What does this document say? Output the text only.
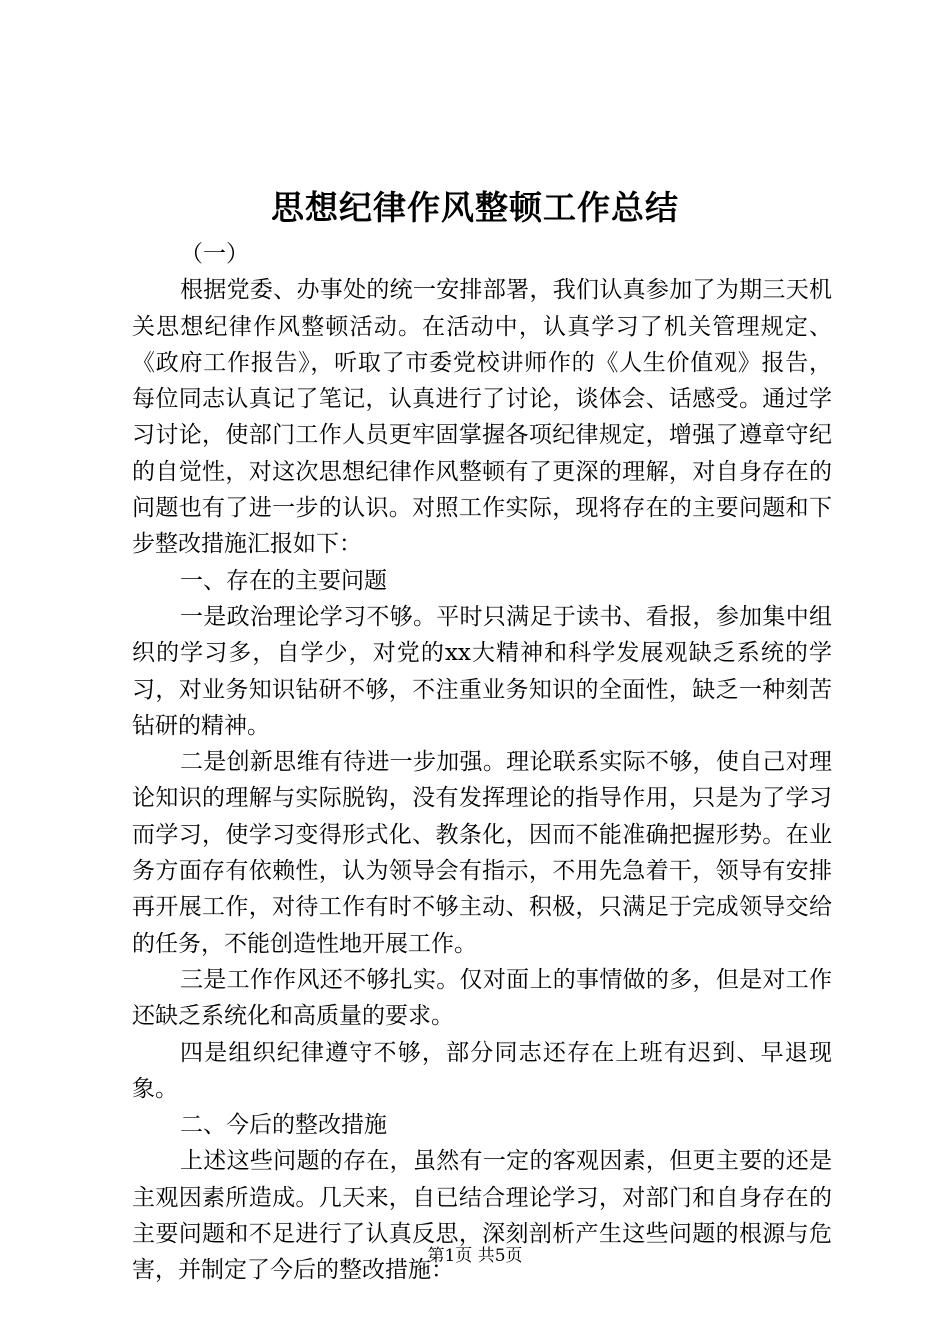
思想纪律作风整顿工作总结

（一）

根据党委、办事处的统一安排部署，我们认真参加了为期三天机关思想纪律作风整顿活动。在活动中，认真学习了机关管理规定、《政府工作报告》，听取了市委党校讲师作的《人生价值观》报告，每位同志认真记了笔记，认真进行了讨论，谈体会、话感受。通过学习讨论，使部门工作人员更牢固掌握各项纪律规定，增强了遵章守纪的自觉性，对这次思想纪律作风整顿有了更深的理解，对自身存在的问题也有了进一步的认识。对照工作实际，现将存在的主要问题和下步整改措施汇报如下：

一、存在的主要问题

一是政治理论学习不够。平时只满足于读书、看报，参加集中组织的学习多，自学少，对党的xx大精神和科学发展观缺乏系统的学习，对业务知识钻研不够，不注重业务知识的全面性，缺乏一种刻苦钻研的精神。

二是创新思维有待进一步加强。理论联系实际不够，使自己对理论知识的理解与实际脱钩，没有发挥理论的指导作用，只是为了学习而学习，使学习变得形式化、教条化，因而不能准确把握形势。在业务方面存有依赖性，认为领导会有指示，不用先急着干，领导有安排再开展工作，对待工作有时不够主动、积极，只满足于完成领导交给的任务，不能创造性地开展工作。

三是工作作风还不够扎实。仅对面上的事情做的多，但是对工作还缺乏系统化和高质量的要求。

四是组织纪律遵守不够，部分同志还存在上班有迟到、早退现象。

二、今后的整改措施

上述这些问题的存在，虽然有一定的客观因素，但更主要的还是主观因素所造成。几天来，自已结合理论学习，对部门和自身存在的主要问题和不足进行了认真反思，深刻剖析产生这些问题的根源与危害，并制定了今后的整改措施：

第1页 共5页
